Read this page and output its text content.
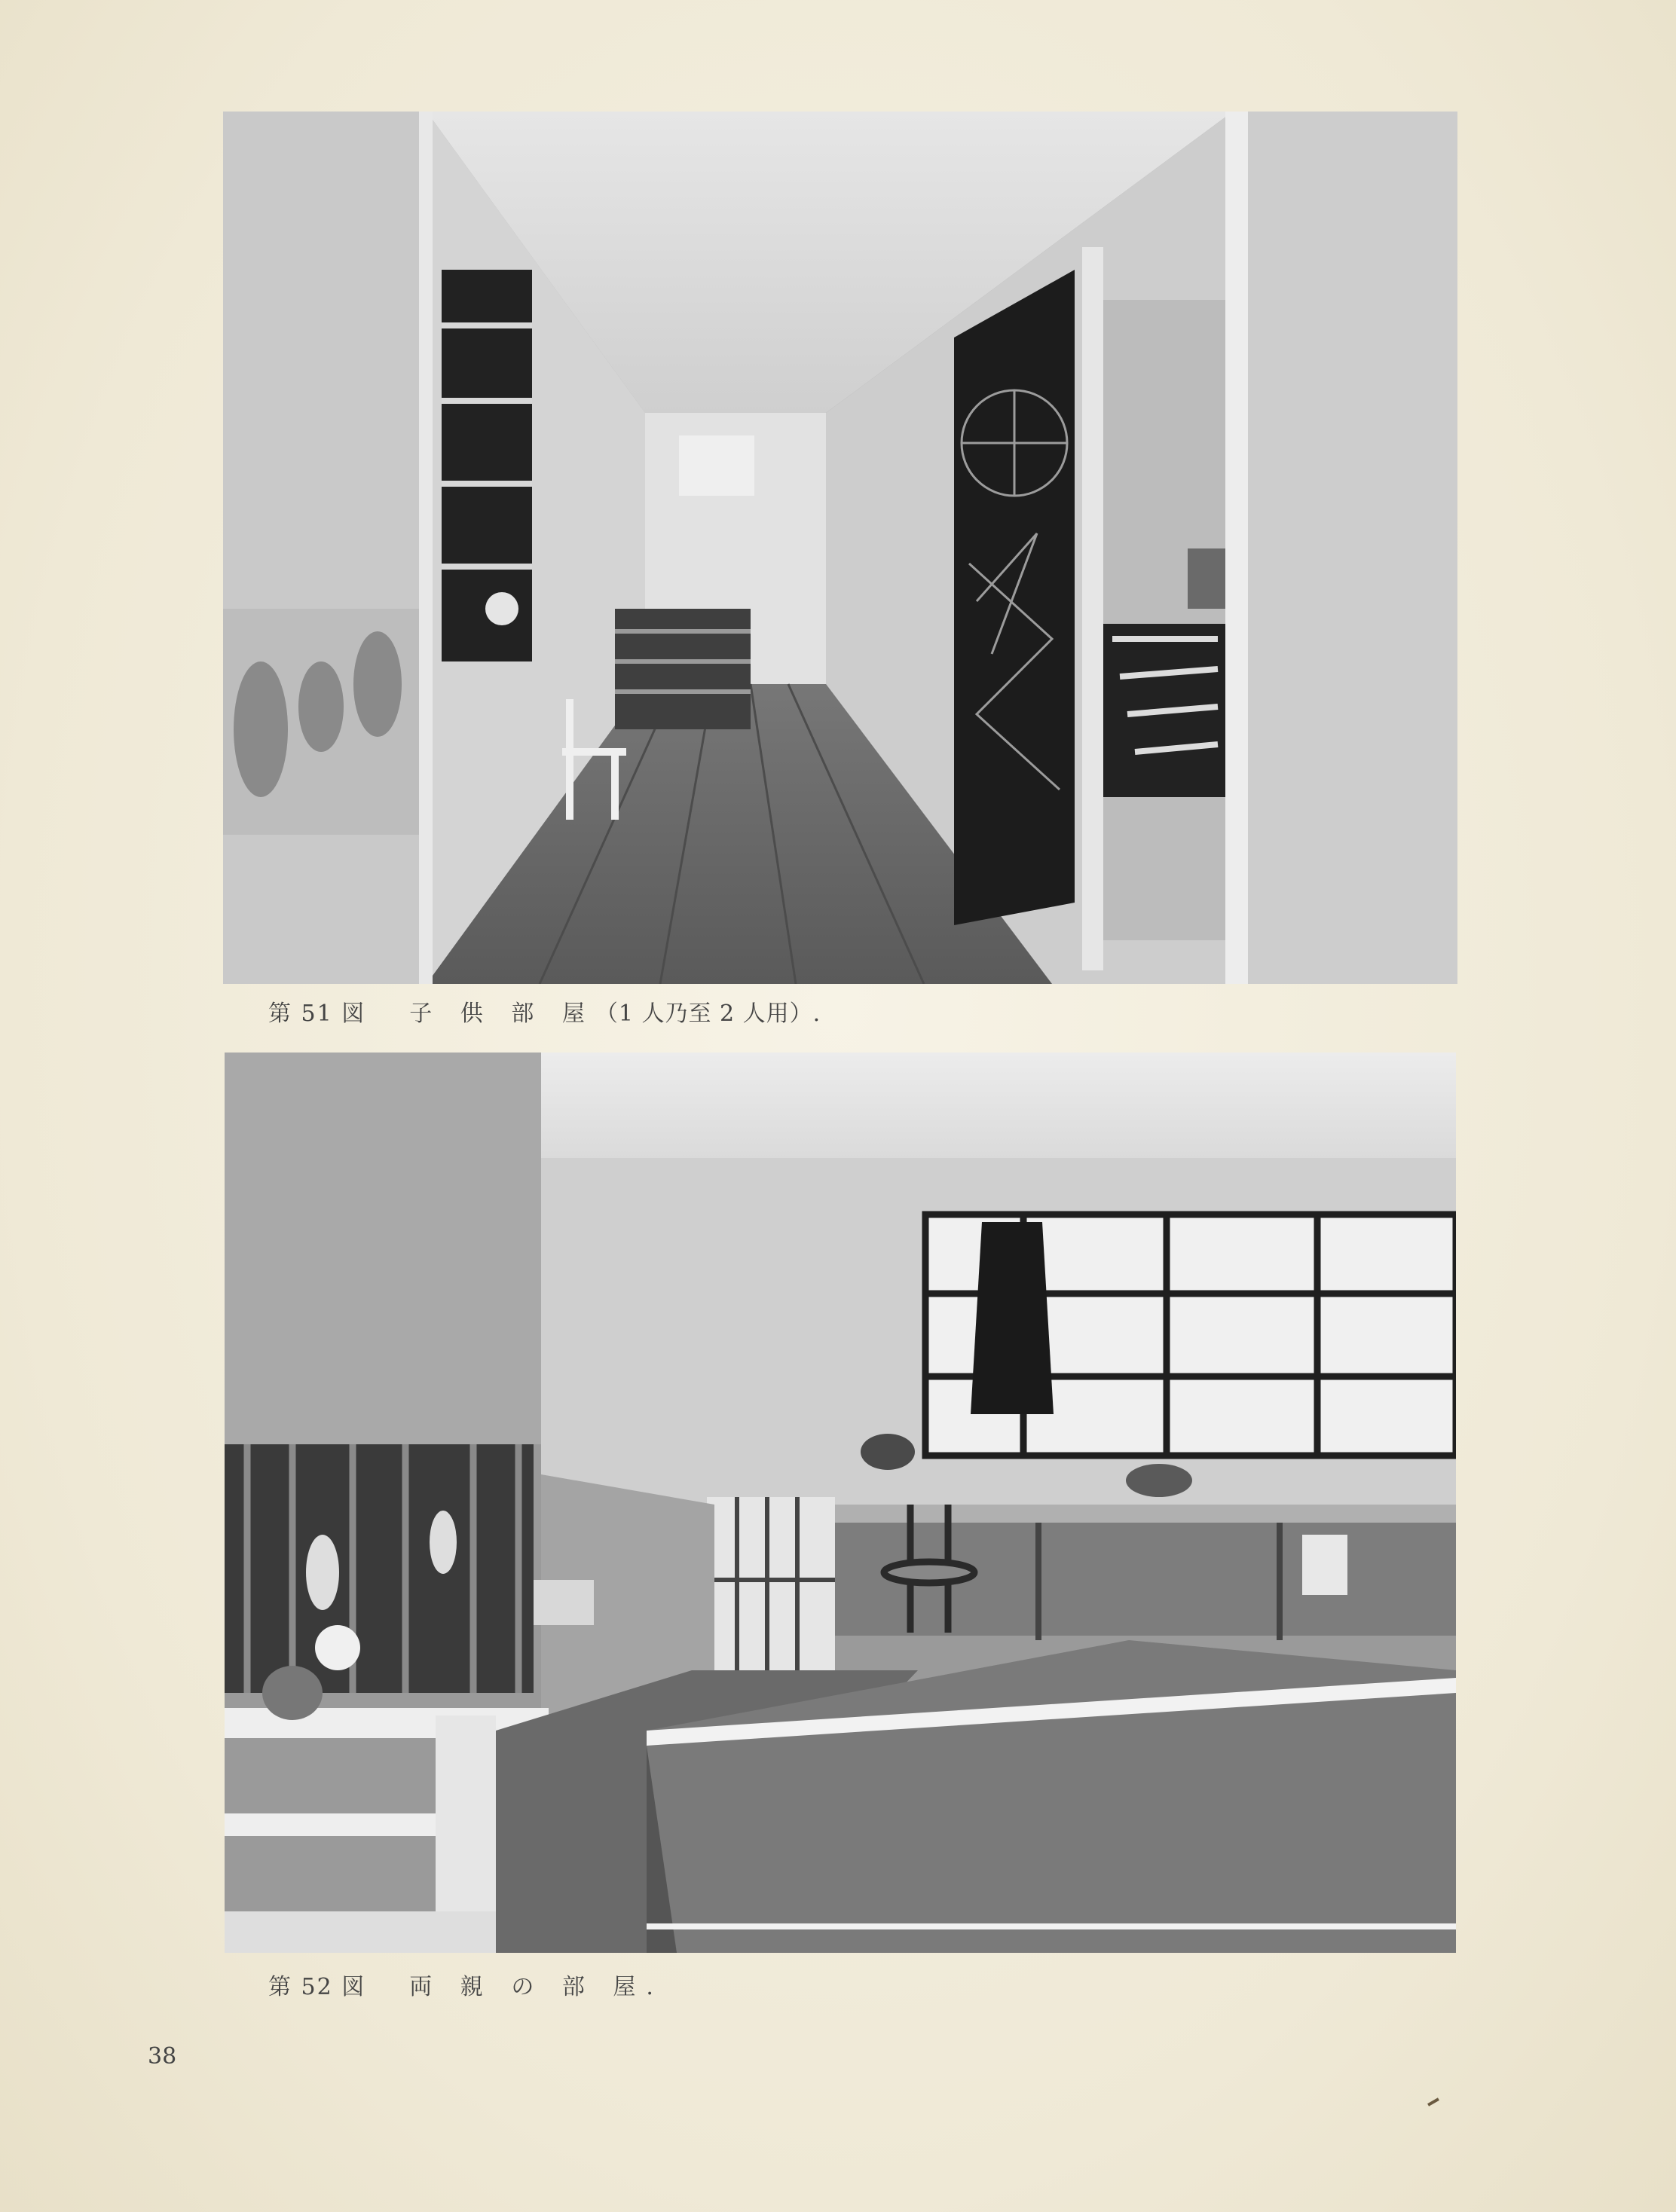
第 51 図 子 供 部 屋（1 人乃至 2 人用）.
第 52 図 両 親 の 部 屋.
38
